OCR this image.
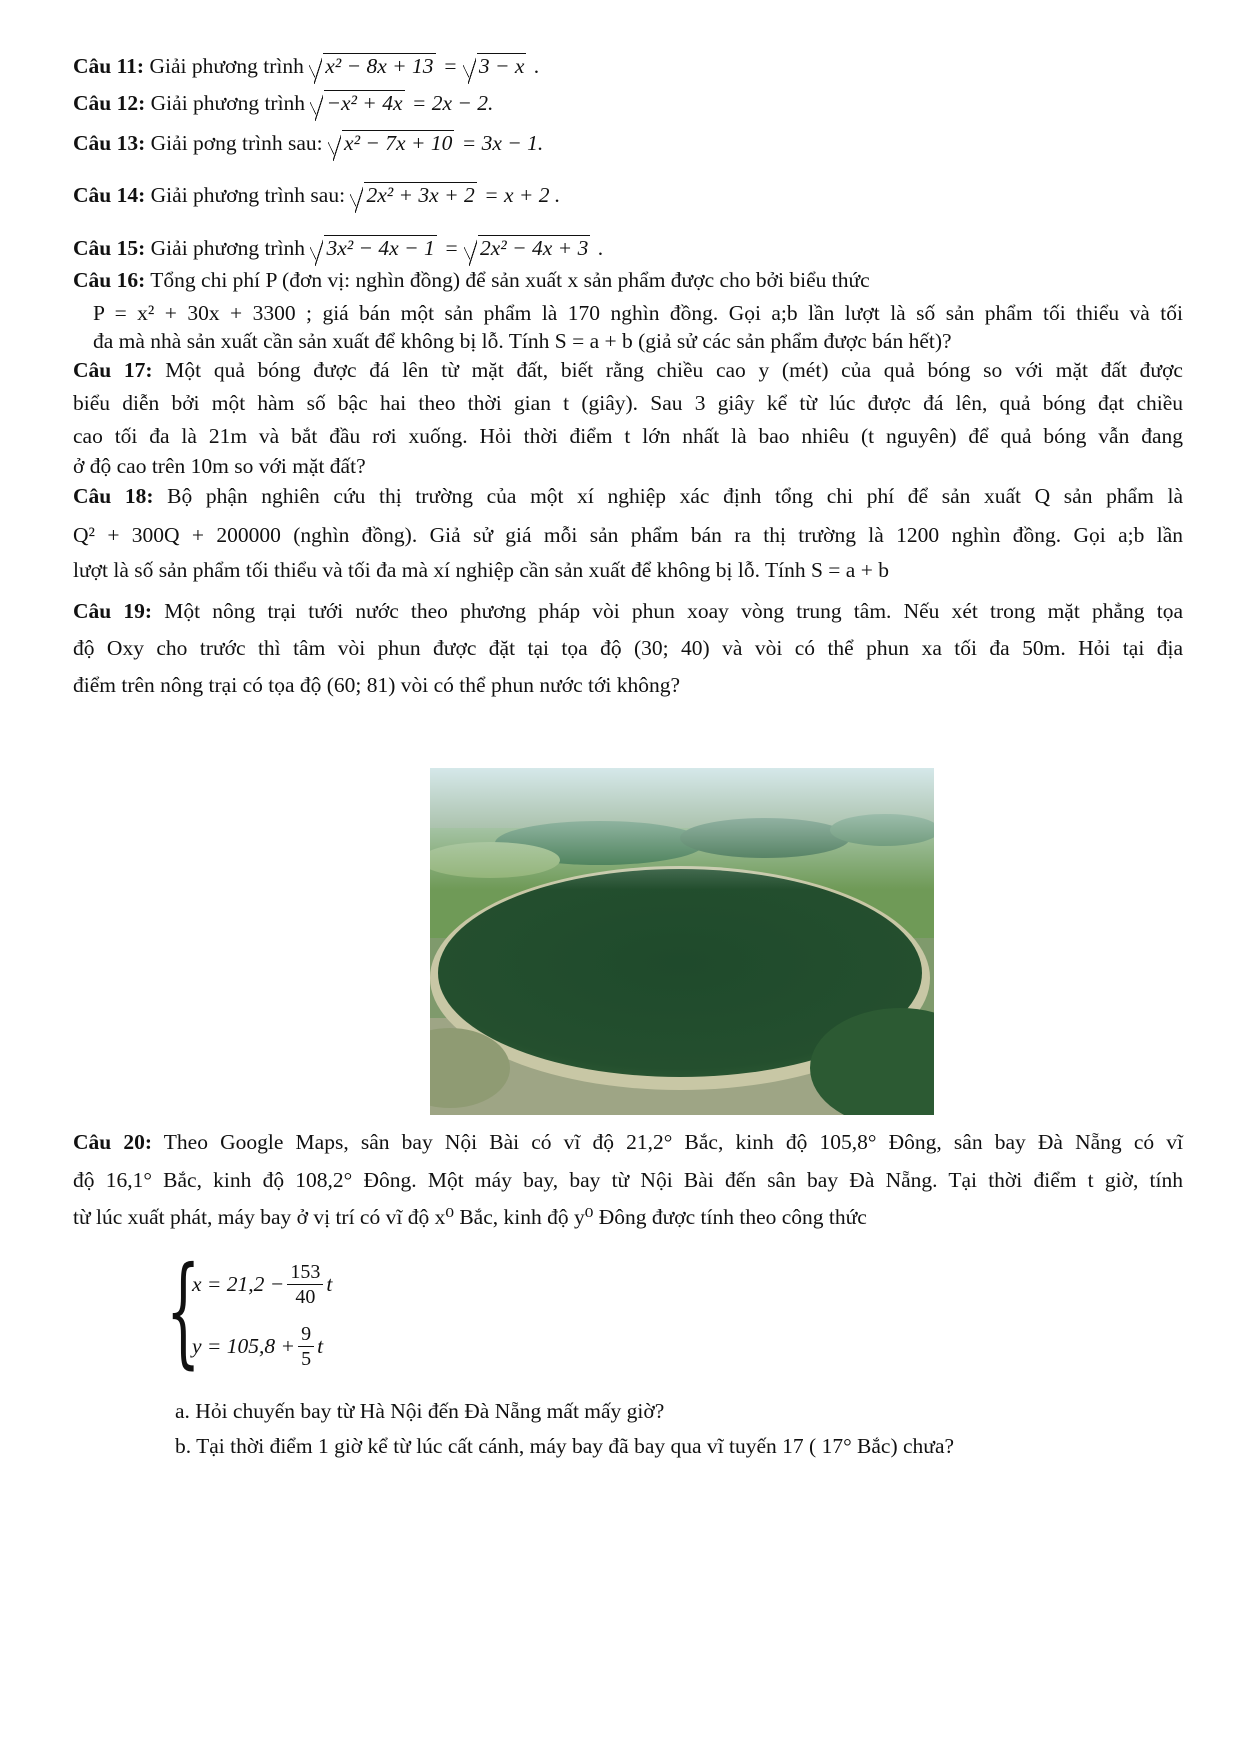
Câu 11: Giải phương trình x² − 8x + 13 = 3 − x .
Câu 12: Giải phương trình −x² + 4x = 2x − 2.
Câu 13: Giải pơng trình sau: x² − 7x + 10 = 3x − 1.
Câu 14: Giải phương trình sau: 2x² + 3x + 2 = x + 2 .
Câu 15: Giải phương trình 3x² − 4x − 1 = 2x² − 4x + 3 .
Câu 16: Tổng chi phí P (đơn vị: nghìn đồng) để sản xuất x sản phẩm được cho bởi biểu thức
P = x² + 30x + 3300 ; giá bán một sản phẩm là 170 nghìn đồng. Gọi a;b lần lượt là số sản phẩm tối thiểu và tối
đa mà nhà sản xuất cần sản xuất để không bị lỗ. Tính S = a + b (giả sử các sản phẩm được bán hết)?
Câu 17: Một quả bóng được đá lên từ mặt đất, biết rằng chiều cao y (mét) của quả bóng so với mặt đất được
biểu diễn bởi một hàm số bậc hai theo thời gian t (giây). Sau 3 giây kể từ lúc được đá lên, quả bóng đạt chiều
cao tối đa là 21m và bắt đầu rơi xuống. Hỏi thời điểm t lớn nhất là bao nhiêu (t nguyên) để quả bóng vẫn đang
ở độ cao trên 10m so với mặt đất?
Câu 18: Bộ phận nghiên cứu thị trường của một xí nghiệp xác định tổng chi phí để sản xuất Q sản phẩm là
Q² + 300Q + 200000 (nghìn đồng). Giả sử giá mỗi sản phẩm bán ra thị trường là 1200 nghìn đồng. Gọi a;b lần
lượt là số sản phẩm tối thiểu và tối đa mà xí nghiệp cần sản xuất để không bị lỗ. Tính S = a + b
Câu 19: Một nông trại tưới nước theo phương pháp vòi phun xoay vòng trung tâm. Nếu xét trong mặt phẳng tọa
độ Oxy cho trước thì tâm vòi phun được đặt tại tọa độ (30; 40) và vòi có thể phun xa tối đa 50m. Hỏi tại địa
điểm trên nông trại có tọa độ (60; 81) vòi có thể phun nước tới không?
Câu 20: Theo Google Maps, sân bay Nội Bài có vĩ độ 21,2° Bắc, kinh độ 105,8° Đông, sân bay Đà Nẵng có vĩ
độ 16,1° Bắc, kinh độ 108,2° Đông. Một máy bay, bay từ Nội Bài đến sân bay Đà Nẵng. Tại thời điểm t giờ, tính
từ lúc xuất phát, máy bay ở vị trí có vĩ độ x⁰ Bắc, kinh độ y⁰ Đông được tính theo công thức
{
$x = 21,2 - \frac{153}{40}$ t
$y = 105,8 + \frac{9}{5}$ t
a. Hỏi chuyến bay từ Hà Nội đến Đà Nẵng mất mấy giờ?
b. Tại thời điểm 1 giờ kể từ lúc cất cánh, máy bay đã bay qua vĩ tuyến 17 ( 17° Bắc) chưa?
